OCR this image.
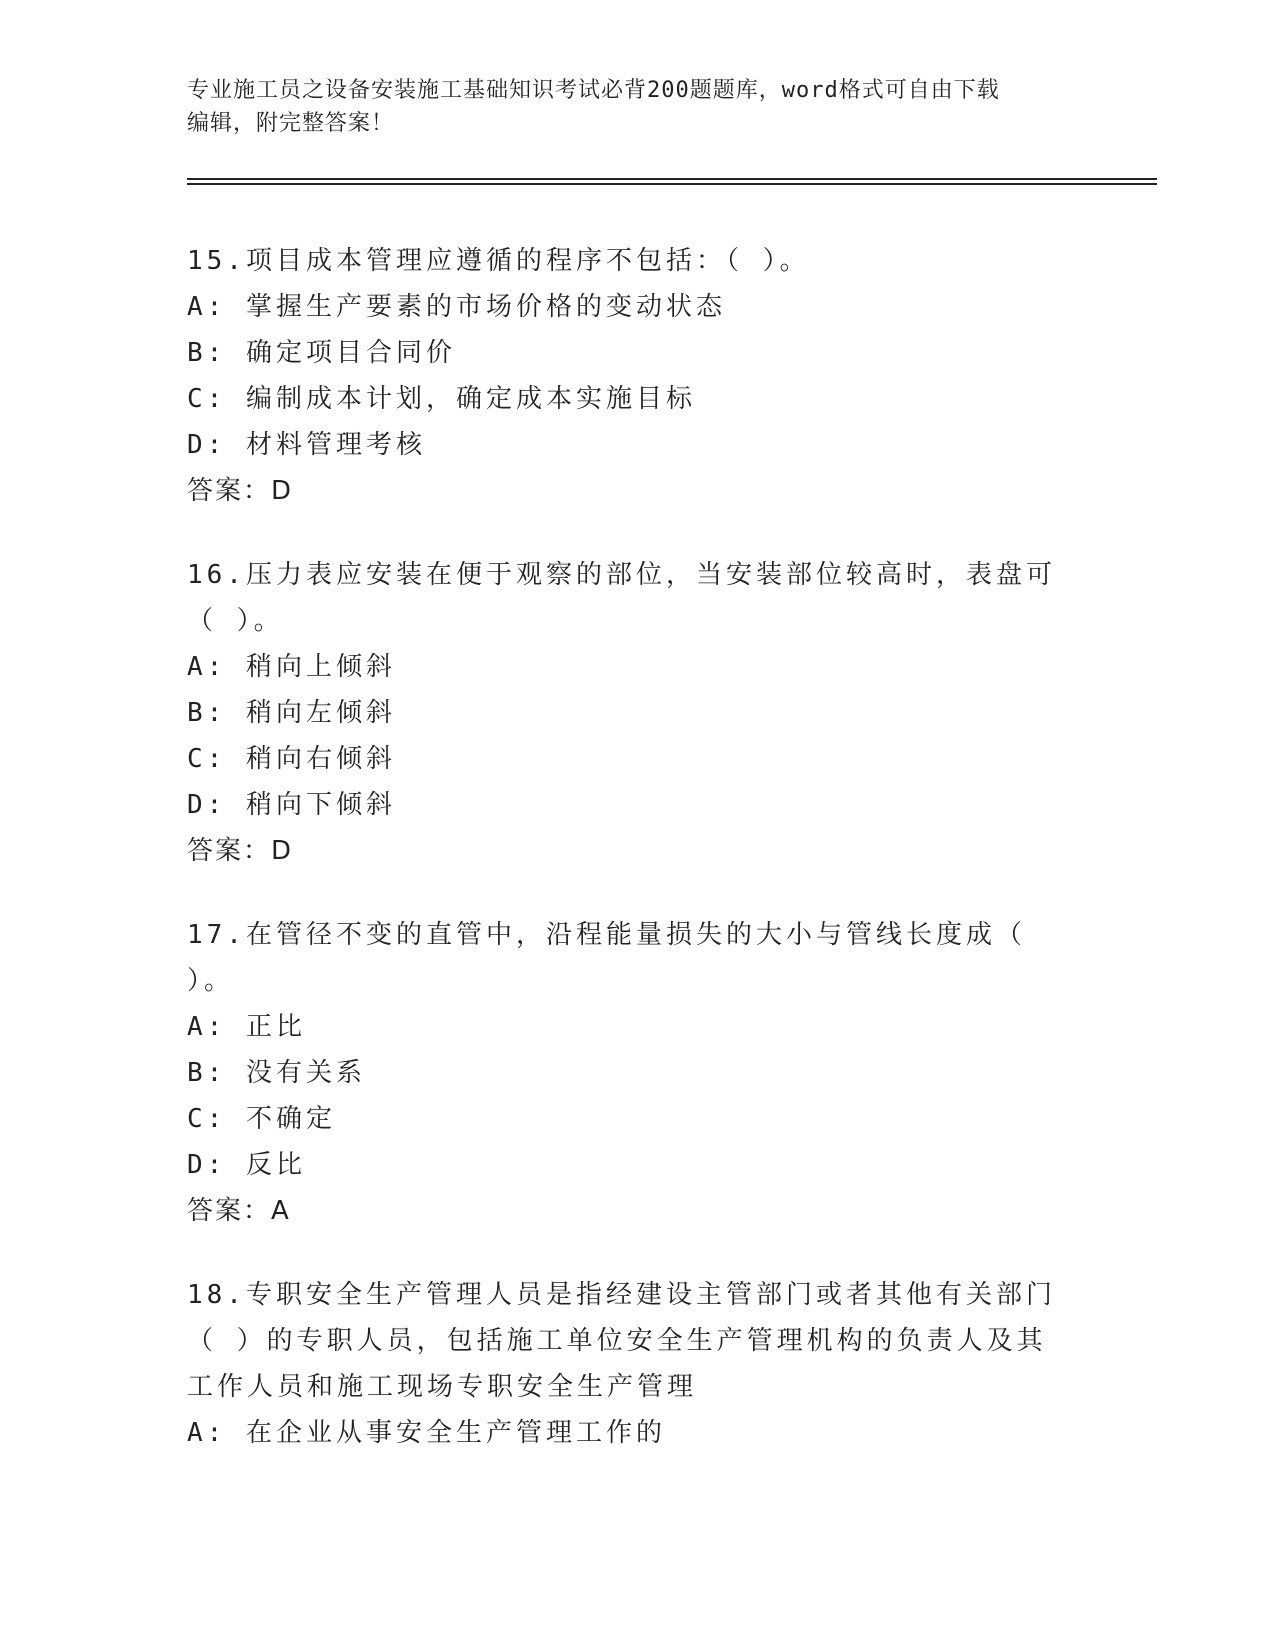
专业施工员之设备安装施工基础知识考试必背200题题库，word格式可自由下载
编辑，附完整答案！
15.项目成本管理应遵循的程序不包括：（ ）。
A: 掌握生产要素的市场价格的变动状态
B: 确定项目合同价
C: 编制成本计划，确定成本实施目标
D: 材料管理考核
答案：D
16.压力表应安装在便于观察的部位，当安装部位较高时，表盘可（ ）。
A: 稍向上倾斜
B: 稍向左倾斜
C: 稍向右倾斜
D: 稍向下倾斜
答案：D
17.在管径不变的直管中，沿程能量损失的大小与管线长度成（ ）。
A: 正比
B: 没有关系
C: 不确定
D: 反比
答案：A
18.专职安全生产管理人员是指经建设主管部门或者其他有关部门（ ）的专职人员，包括施工单位安全生产管理机构的负责人及其工作人员和施工现场专职安全生产管理
A: 在企业从事安全生产管理工作的
